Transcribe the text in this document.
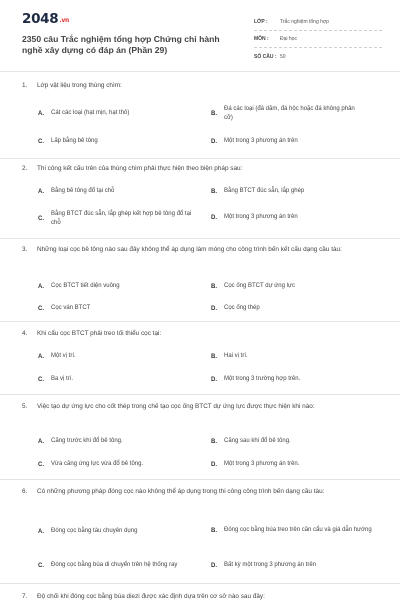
2048.vn
2350 câu Trắc nghiệm tổng hợp Chứng chỉ hành nghề xây dựng có đáp án (Phần 29)
LỚP :	Trắc nghiệm tổng hợp
MÔN :	Đại học
SỐ CÂU : 50
1. Lớp vật liệu trong thùng chìm:
A.	Cát các loại (hạt mịn, hạt thô)	B.
Đá các loại (đá dăm, đá hộc hoặc đá không phân cỡ)
C.	Lấp bằng bê tông	D.	Một trong 3 phương án trên
2. Thi công kết cấu trên của thùng chìm phải thực hiện theo biện pháp sau:
A.	Bằng bê tông đổ tại chỗ	B.	Bằng BTCT đúc sẵn, lắp ghép
C.
Bằng BTCT đúc sẵn, lắp ghép kết hợp bê tông đổ tại chỗ
D.	Một trong 3 phương án trên
3. Những loại cọc bê tông nào sau đây không thể áp dụng làm móng cho công trình bến kết cấu dạng cầu tàu:
A.	Cọc BTCT tiết diện vuông	B.	Cọc ống BTCT dự ứng lực
C.	Cọc ván BTCT	D.	Cọc ống thép
4. Khi cẩu cọc BTCT phải treo tối thiểu cọc tại:
A.	Một vị trí.	B.	Hai vị trí.
C.	Ba vị trí.	D.	Một trong 3 trường hợp trên.
5. Việc tạo dự ứng lực cho cốt thép trong chế tạo cọc ống BTCT dự ứng lực được thực hiện khi nào:
A.	Căng trước khi đổ bê tông.	B.	Căng sau khi đổ bê tông.
C.	Vừa căng ứng lực vừa đổ bê tông.	D.	Một trong 3 phương án trên.
6. Có những phương pháp đóng cọc nào không thể áp dụng trong thi công công trình bến dạng cầu tàu:
A.	Đóng cọc bằng tàu chuyên dụng	B.	Đóng cọc bằng búa treo trên cần cẩu và giá dẫn hướng
C.	Đóng cọc bằng búa di chuyển trên hệ thống ray	D.	Bất kỳ một trong 3 phương án trên
7. Độ chối khi đóng cọc bằng búa diezi được xác định dựa trên cơ sở nào sau đây:
